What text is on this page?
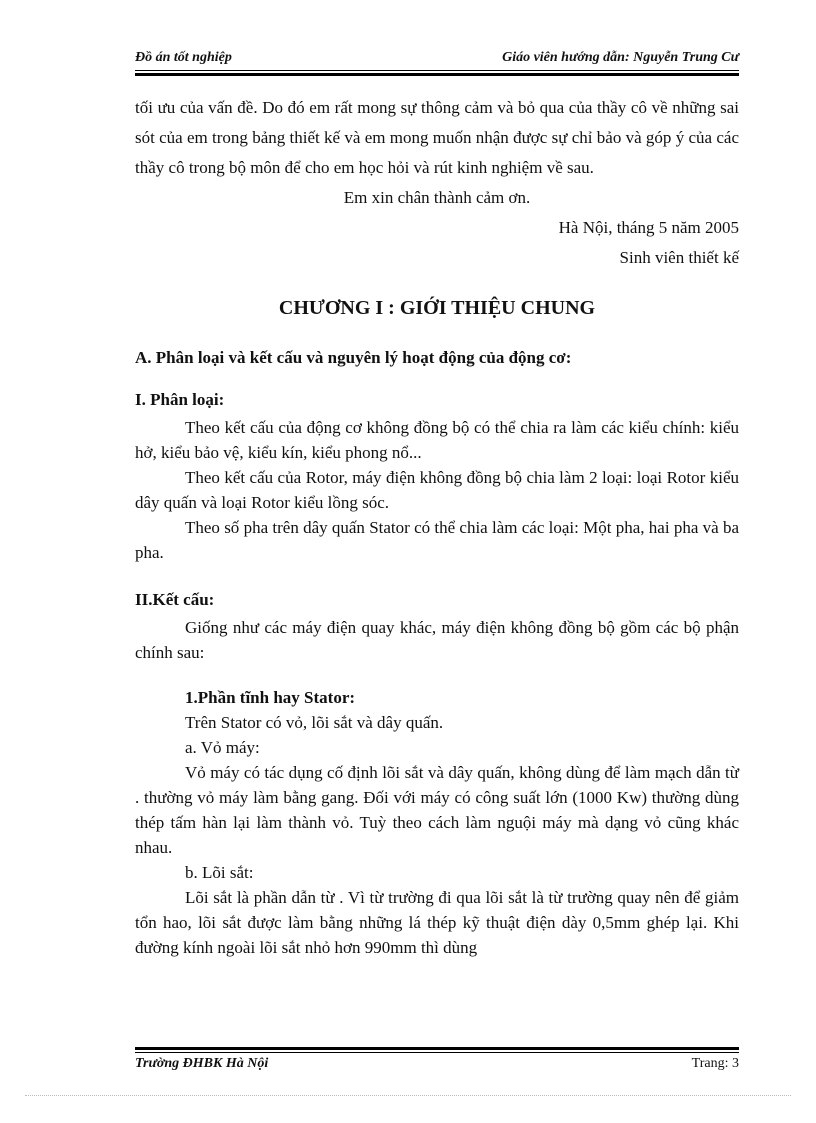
Đồ án tốt nghiệp	Giáo viên hướng dẫn: Nguyễn Trung Cư

tối ưu của vấn đề. Do đó em rất mong sự thông cảm và bỏ qua của thầy cô về những sai sót của em trong bảng thiết kế và em mong muốn nhận được sự chỉ bảo và góp ý của các thầy cô trong bộ môn để cho em học hỏi và rút kinh nghiệm về sau.

Em xin chân thành cảm ơn.

Hà Nội, tháng 5 năm 2005

Sinh viên thiết kế

CHƯƠNG I : GIỚI THIỆU CHUNG

A. Phân loại và kết cấu và nguyên lý hoạt động của động cơ:

I. Phân loại:

Theo kết cấu của động cơ không đồng bộ có thể chia ra làm các kiểu chính: kiểu hở, kiểu bảo vệ, kiểu kín, kiểu phong nổ...

Theo kết cấu của Rotor, máy điện không đồng bộ chia làm 2 loại: loại Rotor kiểu dây quấn và loại Rotor kiểu lồng sóc.

Theo số pha trên dây quấn Stator có thể chia làm các loại: Một pha, hai pha và ba pha.

II.Kết cấu:

Giống như các máy điện quay khác, máy điện không đồng bộ gồm các bộ phận chính sau:

1.Phần tĩnh hay Stator:

Trên Stator có vỏ, lõi sắt và dây quấn.

a. Vỏ máy:

Vỏ máy có tác dụng cố định lõi sắt và dây quấn, không dùng để làm mạch dẫn từ . thường vỏ máy làm bằng gang. Đối với máy có công suất lớn (1000 Kw) thường dùng thép tấm hàn lại làm thành vỏ. Tuỳ theo cách làm nguội máy mà dạng vỏ cũng khác nhau.

b. Lõi sắt:

Lõi sắt là phần dẫn từ . Vì từ trường đi qua lõi sắt là từ trường quay nên để giảm tổn hao, lõi sắt được làm bằng những lá thép kỹ thuật điện dày 0,5mm ghép lại. Khi đường kính ngoài lõi sắt nhỏ hơn 990mm thì dùng

Trường ĐHBK Hà Nội	Trang: 3
